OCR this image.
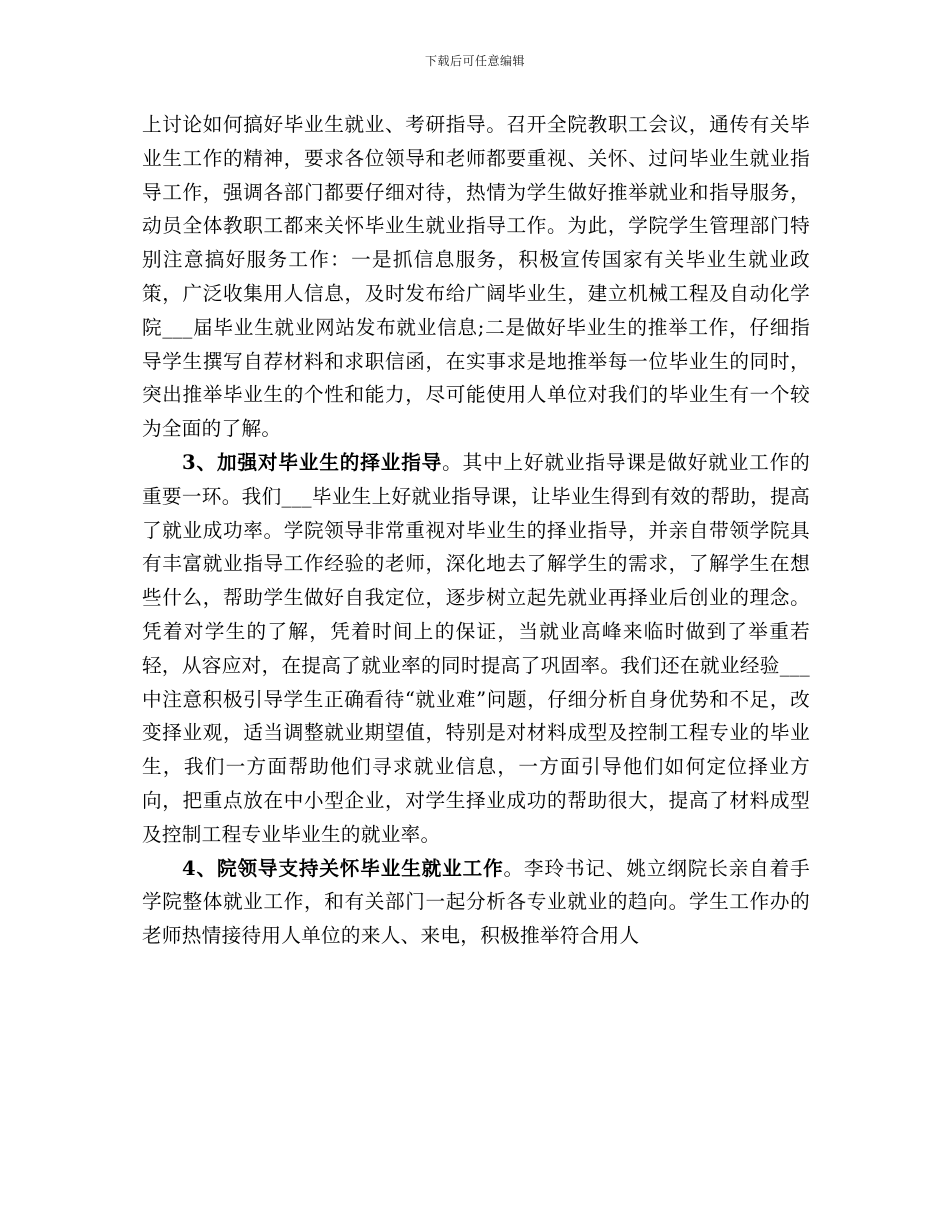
下载后可任意编辑

上讨论如何搞好毕业生就业、考研指导。召开全院教职工会议，通传有关毕业生工作的精神，要求各位领导和老师都要重视、关怀、过问毕业生就业指导工作，强调各部门都要仔细对待，热情为学生做好推举就业和指导服务，动员全体教职工都来关怀毕业生就业指导工作。为此，学院学生管理部门特别注意搞好服务工作：一是抓信息服务，积极宣传国家有关毕业生就业政策，广泛收集用人信息，及时发布给广阔毕业生，建立机械工程及自动化学院___届毕业生就业网站发布就业信息;二是做好毕业生的推举工作，仔细指导学生撰写自荐材料和求职信函，在实事求是地推举每一位毕业生的同时，突出推举毕业生的个性和能力，尽可能使用人单位对我们的毕业生有一个较为全面的了解。

3、加强对毕业生的择业指导。其中上好就业指导课是做好就业工作的重要一环。我们___毕业生上好就业指导课，让毕业生得到有效的帮助，提高了就业成功率。学院领导非常重视对毕业生的择业指导，并亲自带领学院具有丰富就业指导工作经验的老师，深化地去了解学生的需求，了解学生在想些什么，帮助学生做好自我定位，逐步树立起先就业再择业后创业的理念。凭着对学生的了解，凭着时间上的保证，当就业高峰来临时做到了举重若轻，从容应对，在提高了就业率的同时提高了巩固率。我们还在就业经验___中注意积极引导学生正确看待“就业难”问题，仔细分析自身优势和不足，改变择业观，适当调整就业期望值，特别是对材料成型及控制工程专业的毕业生，我们一方面帮助他们寻求就业信息，一方面引导他们如何定位择业方向，把重点放在中小型企业，对学生择业成功的帮助很大，提高了材料成型及控制工程专业毕业生的就业率。

4、院领导支持关怀毕业生就业工作。李玲书记、姚立纲院长亲自着手学院整体就业工作，和有关部门一起分析各专业就业的趋向。学生工作办的老师热情接待用人单位的来人、来电，积极推举符合用人
